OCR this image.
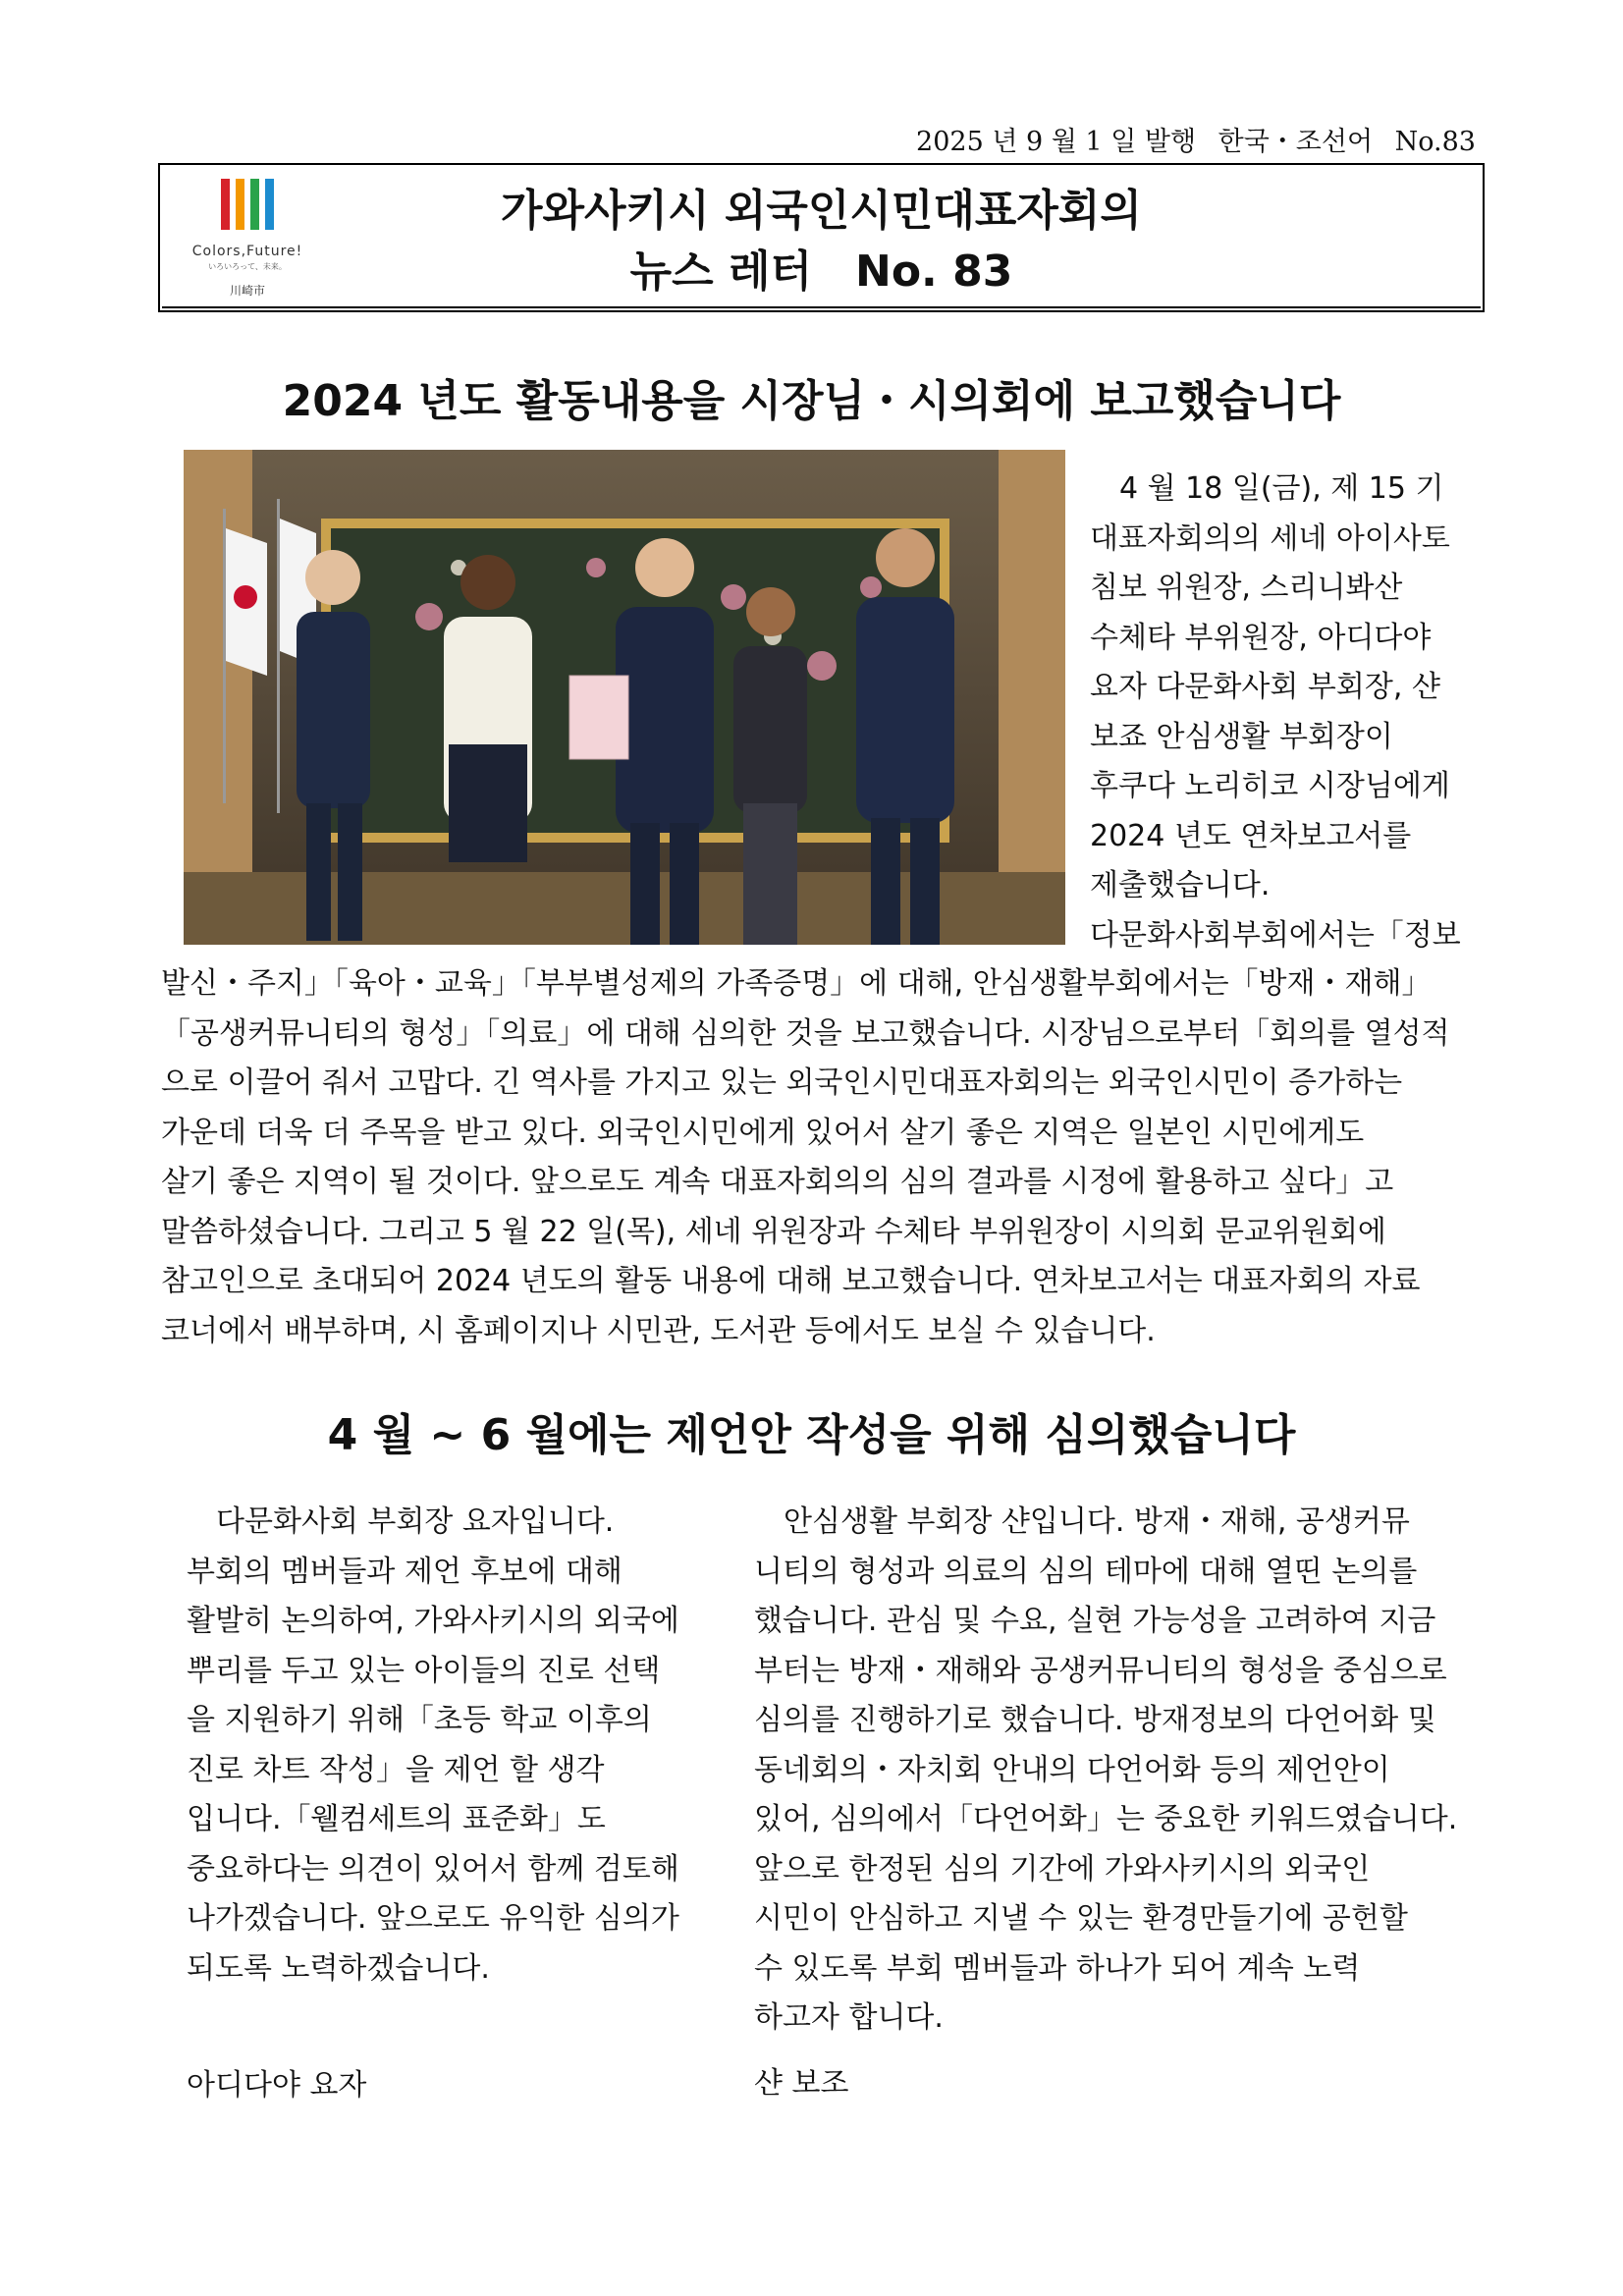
2025 년 9 월 1 일 발행 한국・조선어 No.83
Colors,Future!
いろいろって、未来。
川崎市
가와사키시 외국인시민대표자회의
뉴스 레터　No. 83
2024 년도 활동내용을 시장님・시의회에 보고했습니다
　4 월 18 일(금), 제 15 기
대표자회의의 세네 아이사토
침보 위원장, 스리니봐산
수체타 부위원장, 아디다야
요자 다문화사회 부회장, 샨
보죠 안심생활 부회장이
후쿠다 노리히코 시장님에게
2024 년도 연차보고서를
제출했습니다.
다문화사회부회에서는「정보
발신・주지」「육아・교육」「부부별성제의 가족증명」에 대해, 안심생활부회에서는「방재・재해」
「공생커뮤니티의 형성」「의료」에 대해 심의한 것을 보고했습니다. 시장님으로부터「회의를 열성적
으로 이끌어 줘서 고맙다. 긴 역사를 가지고 있는 외국인시민대표자회의는 외국인시민이 증가하는
가운데 더욱 더 주목을 받고 있다. 외국인시민에게 있어서 살기 좋은 지역은 일본인 시민에게도
살기 좋은 지역이 될 것이다. 앞으로도 계속 대표자회의의 심의 결과를 시정에 활용하고 싶다」고
말씀하셨습니다. 그리고 5 월 22 일(목), 세네 위원장과 수체타 부위원장이 시의회 문교위원회에
참고인으로 초대되어 2024 년도의 활동 내용에 대해 보고했습니다. 연차보고서는 대표자회의 자료
코너에서 배부하며, 시 홈페이지나 시민관, 도서관 등에서도 보실 수 있습니다.
4 월 ~ 6 월에는 제언안 작성을 위해 심의했습니다
　다문화사회 부회장 요자입니다.
부회의 멤버들과 제언 후보에 대해
활발히 논의하여, 가와사키시의 외국에
뿌리를 두고 있는 아이들의 진로 선택
을 지원하기 위해「초등 학교 이후의
진로 차트 작성」을 제언 할 생각
입니다.「웰컴세트의 표준화」도
중요하다는 의견이 있어서 함께 검토해
나가겠습니다. 앞으로도 유익한 심의가
되도록 노력하겠습니다.
아디다야 요자
　안심생활 부회장 샨입니다. 방재・재해, 공생커뮤
니티의 형성과 의료의 심의 테마에 대해 열띤 논의를
했습니다. 관심 및 수요, 실현 가능성을 고려하여 지금
부터는 방재・재해와 공생커뮤니티의 형성을 중심으로
심의를 진행하기로 했습니다. 방재정보의 다언어화 및
동네회의・자치회 안내의 다언어화 등의 제언안이
있어, 심의에서「다언어화」는 중요한 키워드였습니다.
앞으로 한정된 심의 기간에 가와사키시의 외국인
시민이 안심하고 지낼 수 있는 환경만들기에 공헌할
수 있도록 부회 멤버들과 하나가 되어 계속 노력
하고자 합니다.
샨 보조
